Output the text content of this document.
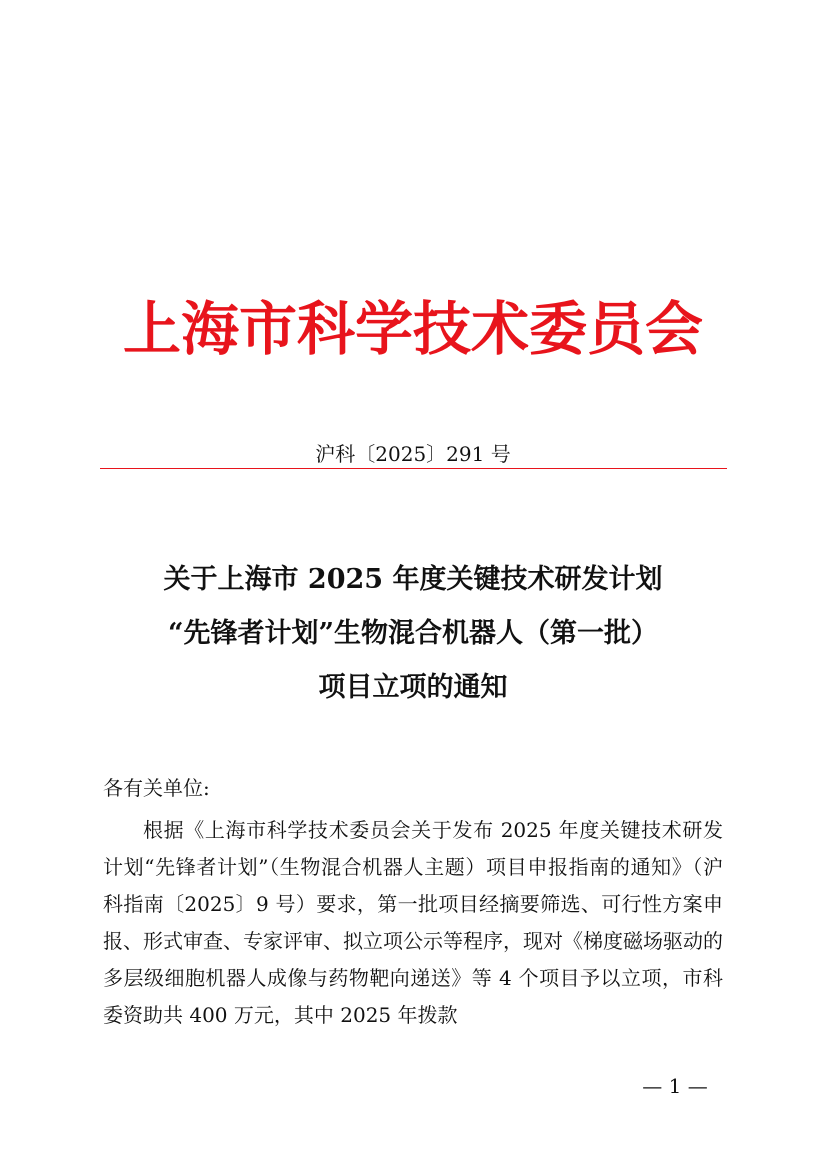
上海市科学技术委员会
沪科〔2025〕291 号
关于上海市 2025 年度关键技术研发计划
“先锋者计划”生物混合机器人（第一批）
项目立项的通知
各有关单位:

根据《上海市科学技术委员会关于发布 2025 年度关键技术研发计划“先锋者计划”（生物混合机器人主题）项目申报指南的通知》（沪科指南〔2025〕9 号）要求，第一批项目经摘要筛选、可行性方案申报、形式审查、专家评审、拟立项公示等程序，现对《梯度磁场驱动的多层级细胞机器人成像与药物靶向递送》等 4 个项目予以立项，市科委资助共 400 万元，其中 2025 年拨款

— 1 —
